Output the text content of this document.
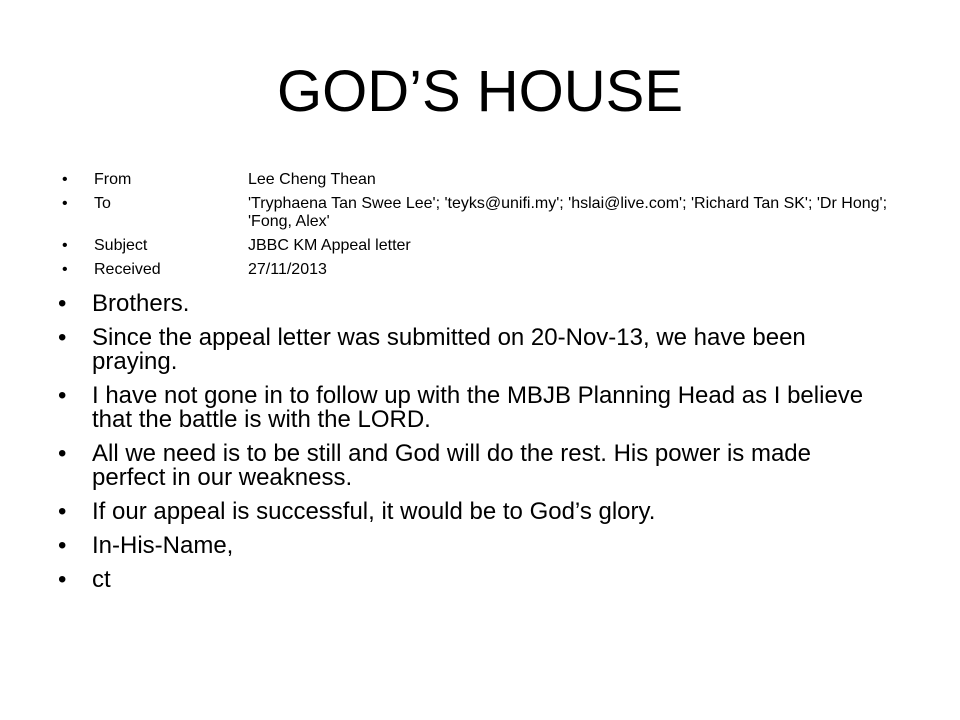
GOD’S HOUSE
• From	Lee Cheng Thean
• To	'Tryphaena Tan Swee Lee'; 'teyks@unifi.my'; 'hslai@live.com'; 'Richard Tan SK'; 'Dr Hong'; 'Fong, Alex'
• Subject	JBBC KM Appeal letter
• Received	27/11/2013
• Brothers.
• Since the appeal letter was submitted on 20-Nov-13, we have been praying.
• I have not gone in to follow up with the MBJB Planning Head as I believe that the battle is with the LORD.
• All we need is to be still and God will do the rest. His power is made perfect in our weakness.
• If our appeal is successful, it would be to God’s glory.
• In-His-Name,
• ct
